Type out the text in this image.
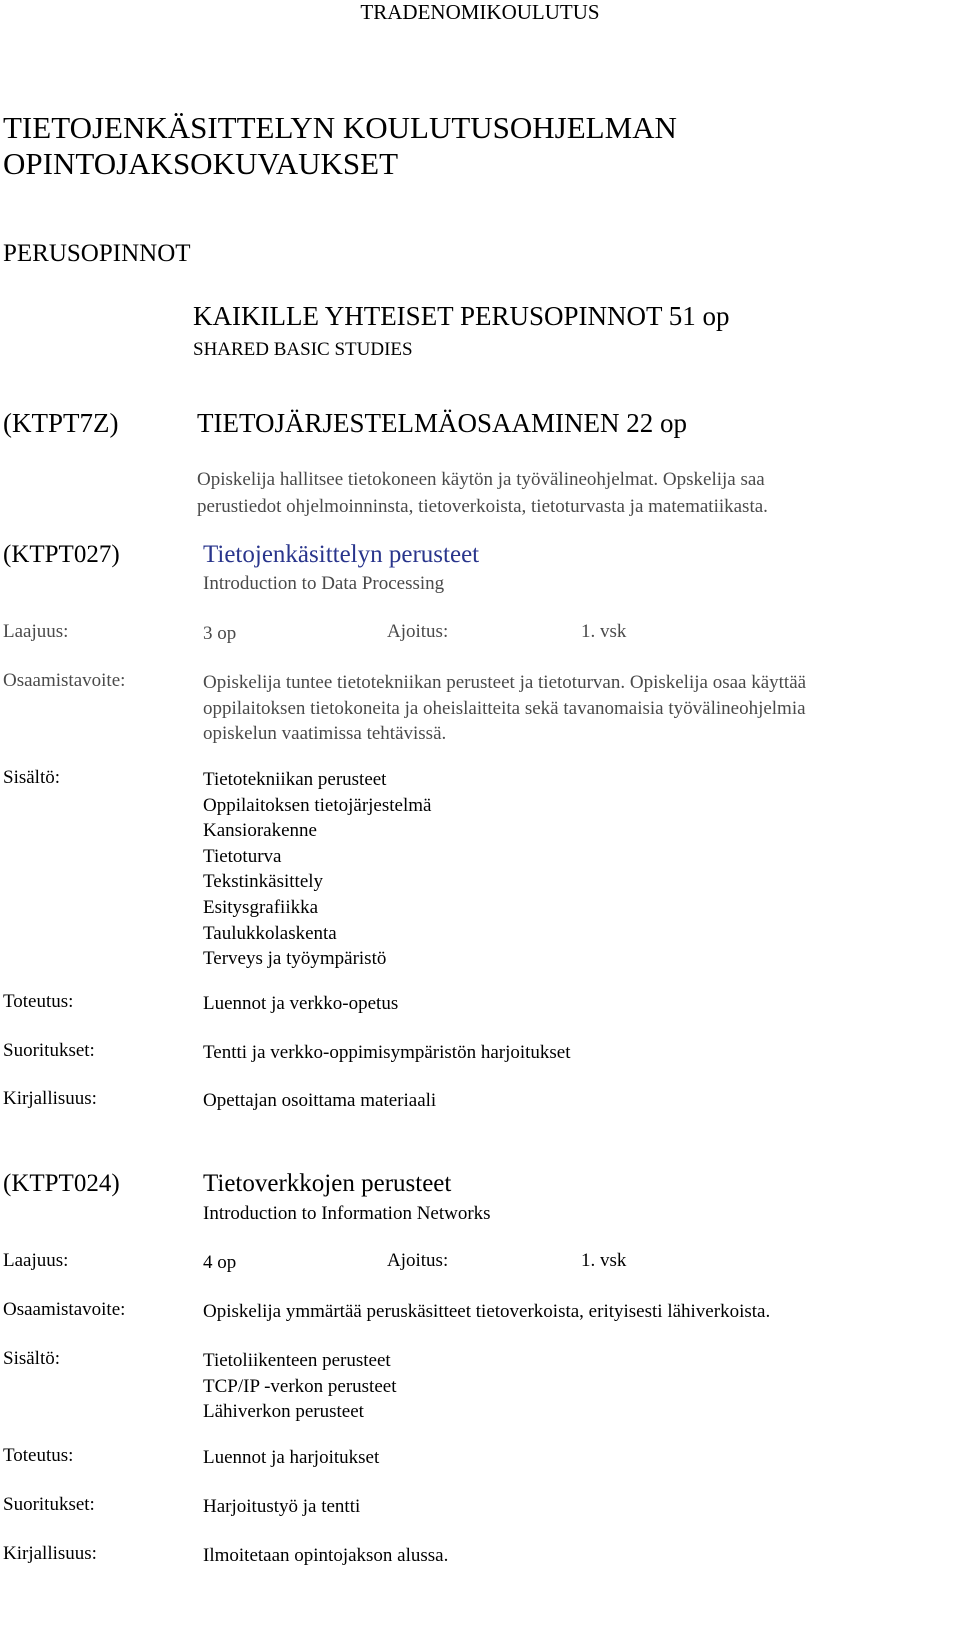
TRADENOMIKOULUTUS
TIETOJENKÄSITTELYN KOULUTUSOHJELMAN
OPINTOJAKSOKUVAUKSET
PERUSOPINNOT
KAIKILLE YHTEISET PERUSOPINNOT 51 op
SHARED BASIC STUDIES
(KTPT7Z)	TIETOJÄRJESTELMÄOSAAMINEN 22 op
Opiskelija hallitsee tietokoneen käytön ja työvälineohjelmat. Opskelija saa
perustiedot ohjelmoinninsta, tietoverkoista, tietoturvasta ja matematiikasta.
(KTPT027)	Tietojenkäsittelyn perusteet
Introduction to Data Processing
Laajuus:	3 op	Ajoitus:	1. vsk
Osaamistavoite:	Opiskelija tuntee tietotekniikan perusteet ja tietoturvan. Opiskelija osaa käyttää
oppilaitoksen tietokoneita ja oheislaitteita sekä tavanomaisia työvälineohjelmia
opiskelun vaatimissa tehtävissä.
Sisältö:	Tietotekniikan perusteet
Oppilaitoksen tietojärjestelmä
Kansiorakenne
Tietoturva
Tekstinkäsittely
Esitysgrafiikka
Taulukkolaskenta
Terveys ja työympäristö
Toteutus:	Luennot ja verkko-opetus
Suoritukset:	Tentti ja verkko-oppimisympäristön harjoitukset
Kirjallisuus:	Opettajan osoittama materiaali
(KTPT024)	Tietoverkkojen perusteet
Introduction to Information Networks
Laajuus:	4 op	Ajoitus:	1. vsk
Osaamistavoite:	Opiskelija ymmärtää peruskäsitteet tietoverkoista, erityisesti lähiverkoista.
Sisältö:	Tietoliikenteen perusteet
TCP/IP -verkon perusteet
Lähiverkon perusteet
Toteutus:	Luennot ja harjoitukset
Suoritukset:	Harjoitustyö ja tentti
Kirjallisuus:	Ilmoitetaan opintojakson alussa.
